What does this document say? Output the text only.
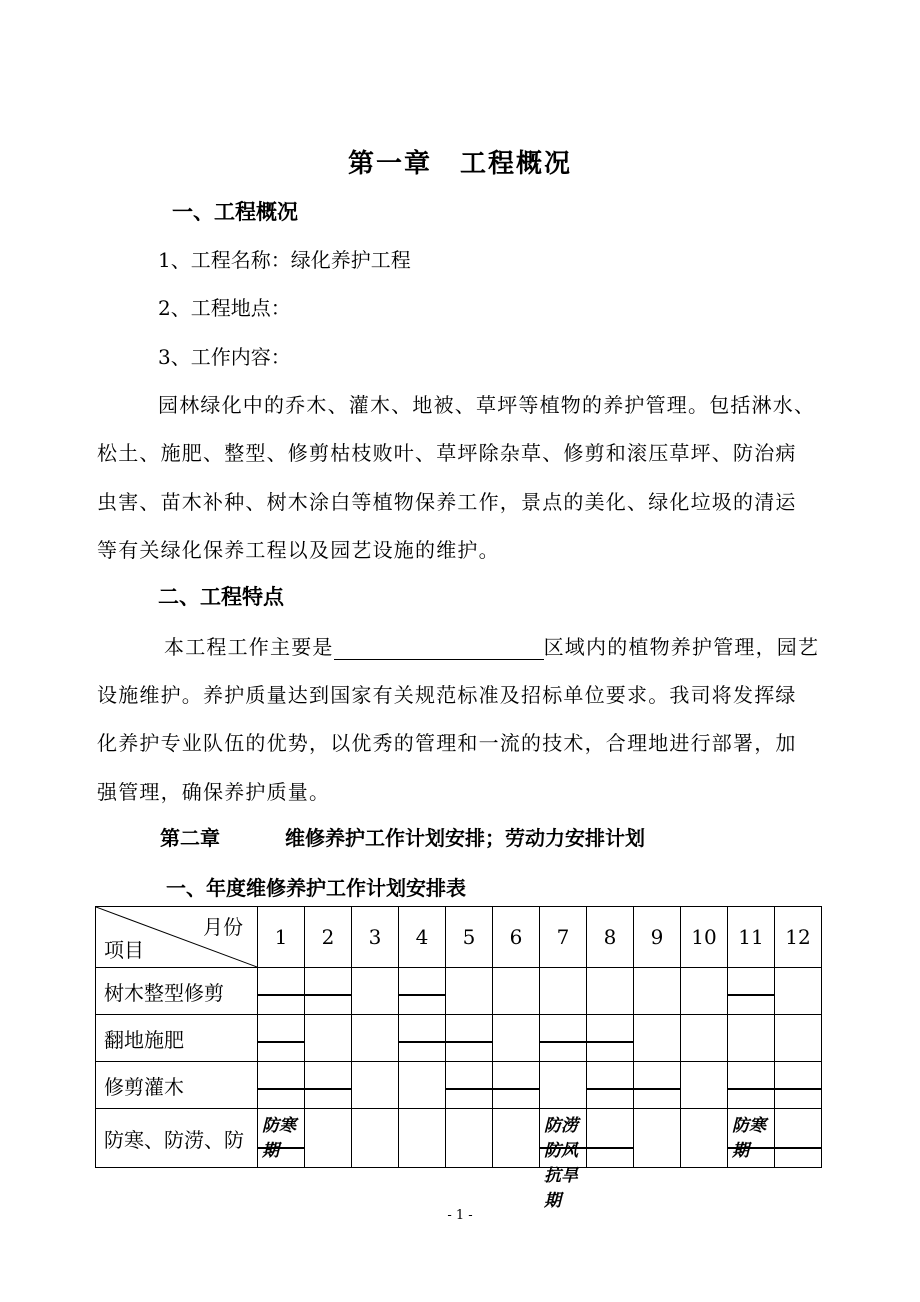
第一章　工程概况
一、工程概况
1、工程名称：绿化养护工程
2、工程地点：
3、工作内容：
园林绿化中的乔木、灌木、地被、草坪等植物的养护管理。包括淋水、
松土、施肥、整型、修剪枯枝败叶、草坪除杂草、修剪和滚压草坪、防治病
虫害、苗木补种、树木涂白等植物保养工作，景点的美化、绿化垃圾的清运
等有关绿化保养工程以及园艺设施的维护。
二、工程特点
本工程工作主要是	区域内的植物养护管理，园艺
设施维护。养护质量达到国家有关规范标准及招标单位要求。我司将发挥绿
化养护专业队伍的优势，以优秀的管理和一流的技术，合理地进行部署，加
强管理，确保养护质量。
第二章	维修养护工作计划安排；劳动力安排计划
一、年度维修养护工作计划安排表
月份
项目	1	2	3	4	5	6	7	8	9	10	11	12
树木整型修剪	

翻地施肥	

修剪灌木	

防寒、防涝、防	防寒期						防涝防风抗旱期				防寒期	

- 1 -
